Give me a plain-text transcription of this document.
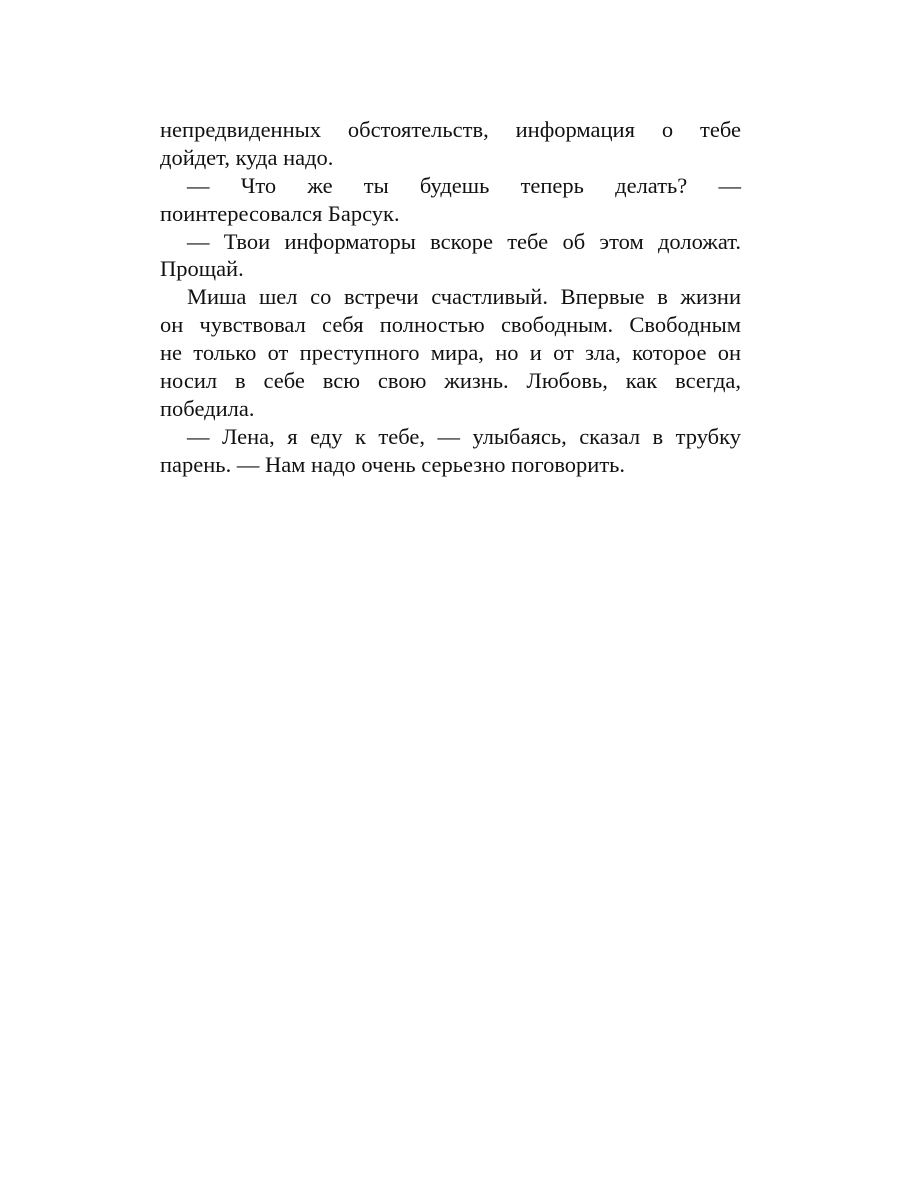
непредвиденных обстоятельств, информация о тебе
дойдет, куда надо.
— Что же ты будешь теперь делать? —
поинтересовался Барсук.
— Твои информаторы вскоре тебе об этом доложат.
Прощай.
Миша шел со встречи счастливый. Впервые в жизни
он чувствовал себя полностью свободным. Свободным
не только от преступного мира, но и от зла, которое он
носил в себе всю свою жизнь. Любовь, как всегда,
победила.
— Лена, я еду к тебе, — улыбаясь, сказал в трубку
парень. — Нам надо очень серьезно поговорить.
